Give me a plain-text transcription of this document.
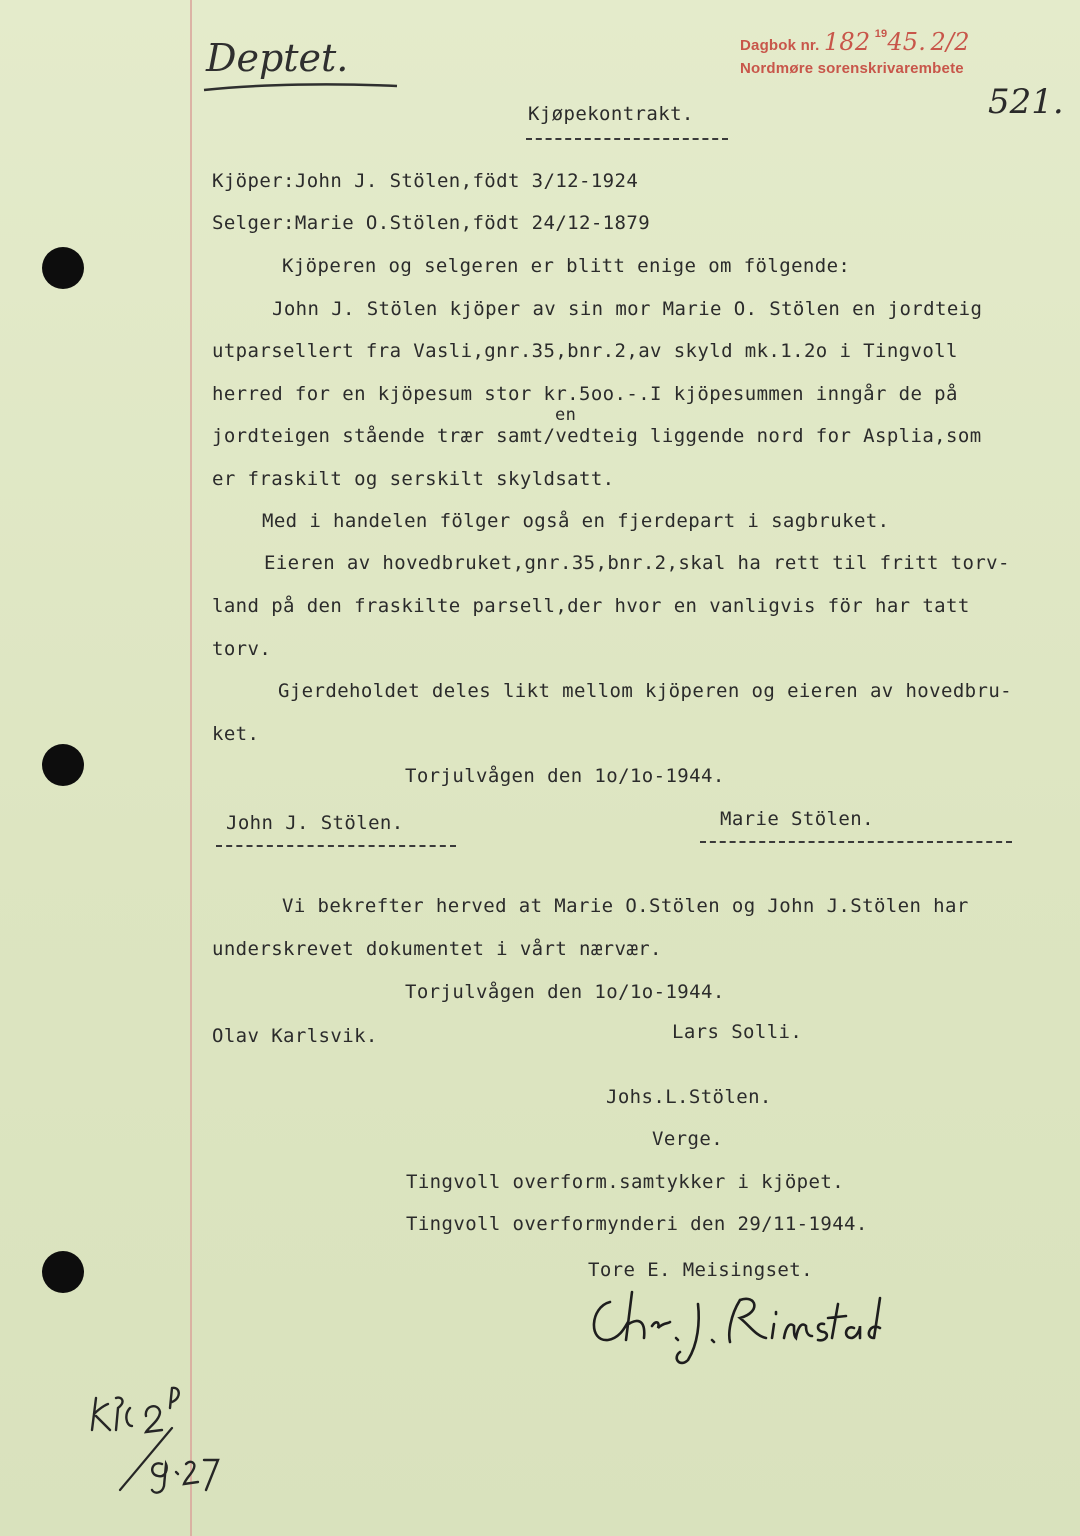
Deptet.	Dagbok nr. 182 $^{19}$45. 2/2
Nordmøre sorenskrivarembete
521.
Kjøpekontrakt.
Kjöper:John J. Stölen,födt 3/12-1924
Selger:Marie O.Stölen,födt 24/12-1879
Kjöperen og selgeren er blitt enige om fölgende:
John J. Stölen kjöper av sin mor Marie O. Stölen en jordteig
utparsellert fra Vasli,gnr.35,bnr.2,av skyld mk.1.2o i Tingvoll
herred for en kjöpesum stor kr.5oo.-.I kjöpesummen inngår de på
en
jordteigen stående trær samt/vedteig liggende nord for Asplia,som
er fraskilt og serskilt skyldsatt.
Med i handelen fölger også en fjerdepart i sagbruket.
Eieren av hovedbruket,gnr.35,bnr.2,skal ha rett til fritt torv-
land på den fraskilte parsell,der hvor en vanligvis för har tatt
torv.
Gjerdeholdet deles likt mellom kjöperen og eieren av hovedbru-
ket.
Torjulvågen den 1o/1o-1944.
John J. Stölen.	Marie Stölen.
Vi bekrefter herved at Marie O.Stölen og John J.Stölen har
underskrevet dokumentet i vårt nærvær.
Torjulvågen den 1o/1o-1944.
Olav Karlsvik.	Lars Solli.
Johs.L.Stölen.
Verge.
Tingvoll overform.samtykker i kjöpet.
Tingvoll overformynderi den 29/11-1944.
Tore E. Meisingset.
